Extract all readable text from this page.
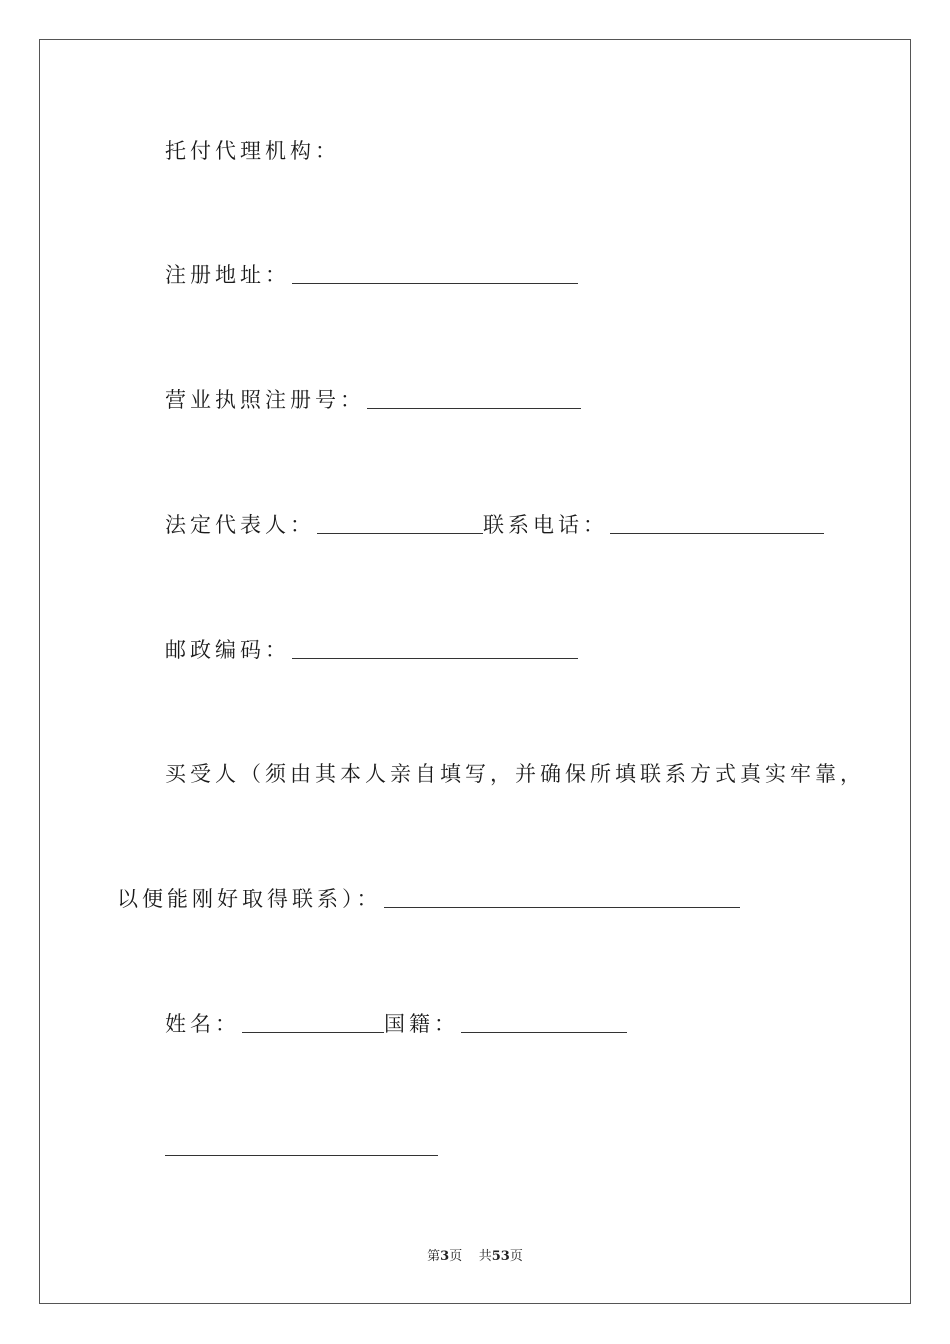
托付代理机构：
注册地址：
营业执照注册号：
法定代表人：	联系电话：
邮政编码：
买受人（须由其本人亲自填写，并确保所填联系方式真实牢靠，
以便能刚好取得联系）：
姓名：	国籍：
第3页 共53页
